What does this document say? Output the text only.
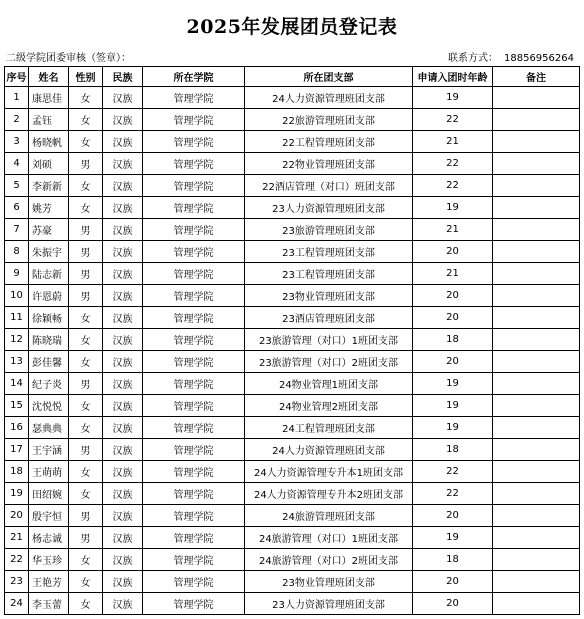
2025年发展团员登记表
二级学院团委审核（签章）：	联系方式： 18856956264
序号	姓名	性别	民族	所在学院	所在团支部	申请入团时年龄	备注
1	康思佳	女	汉族	管理学院	24人力资源管理班团支部	19	
2	孟钰	女	汉族	管理学院	22旅游管理班团支部	22	
3	杨晓帆	女	汉族	管理学院	22工程管理班团支部	21	
4	刘硕	男	汉族	管理学院	22物业管理班团支部	22	
5	李新新	女	汉族	管理学院	22酒店管理（对口）班团支部	22	
6	姚芳	女	汉族	管理学院	23人力资源管理班团支部	19	
7	苏豪	男	汉族	管理学院	23旅游管理班团支部	21	
8	朱振宇	男	汉族	管理学院	23工程管理班团支部	20	
9	陆志新	男	汉族	管理学院	23工程管理班团支部	21	
10	许恩蔚	男	汉族	管理学院	23物业管理班团支部	20	
11	徐颖畅	女	汉族	管理学院	23酒店管理班团支部	20	
12	陈晓瑞	女	汉族	管理学院	23旅游管理（对口）1班团支部	18	
13	彭佳馨	女	汉族	管理学院	23旅游管理（对口）2班团支部	20	
14	纪子炎	男	汉族	管理学院	24物业管理1班团支部	19	
15	沈悦悦	女	汉族	管理学院	24物业管理2班团支部	19	
16	瑟典典	女	汉族	管理学院	24工程管理班团支部	19	
17	王宇涵	男	汉族	管理学院	24人力资源管理班团支部	18	
18	王萌萌	女	汉族	管理学院	24人力资源管理专升本1班团支部	22	
19	田绍婉	女	汉族	管理学院	24人力资源管理专升本2班团支部	22	
20	殷宇恒	男	汉族	管理学院	24旅游管理班团支部	20	
21	杨志诚	男	汉族	管理学院	24旅游管理（对口）1班团支部	19	
22	华玉珍	女	汉族	管理学院	24旅游管理（对口）2班团支部	18	
23	王艳芳	女	汉族	管理学院	23物业管理班团支部	20	
24	李玉蕾	女	汉族	管理学院	23人力资源管理班团支部	20	
